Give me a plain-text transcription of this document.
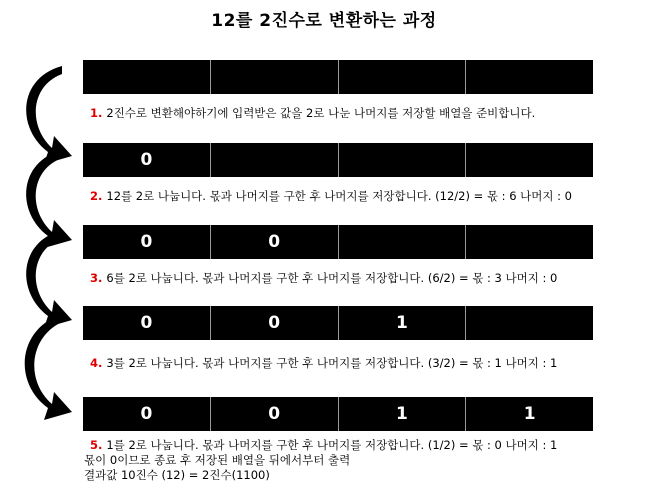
12를 2진수로 변환하는 과정
1. 2진수로 변환해야하기에 입력받은 값을 2로 나눈 나머지를 저장할 배열을 준비합니다.
0
2. 12를 2로 나눕니다. 몫과 나머지를 구한 후 나머지를 저장합니다. (12/2) = 몫 : 6 나머지 : 0
0	0
3. 6를 2로 나눕니다. 몫과 나머지를 구한 후 나머지를 저장합니다. (6/2) = 몫 : 3 나머지 : 0
0	0	1
4. 3를 2로 나눕니다. 몫과 나머지를 구한 후 나머지를 저장합니다. (3/2) = 몫 : 1 나머지 : 1
0	0	1	1
5. 1를 2로 나눕니다. 몫과 나머지를 구한 후 나머지를 저장합니다. (1/2) = 몫 : 0 나머지 : 1
몫이 0이므로 종료 후 저장된 배열을 뒤에서부터 출력
결과값 10진수 (12) = 2진수(1100)
